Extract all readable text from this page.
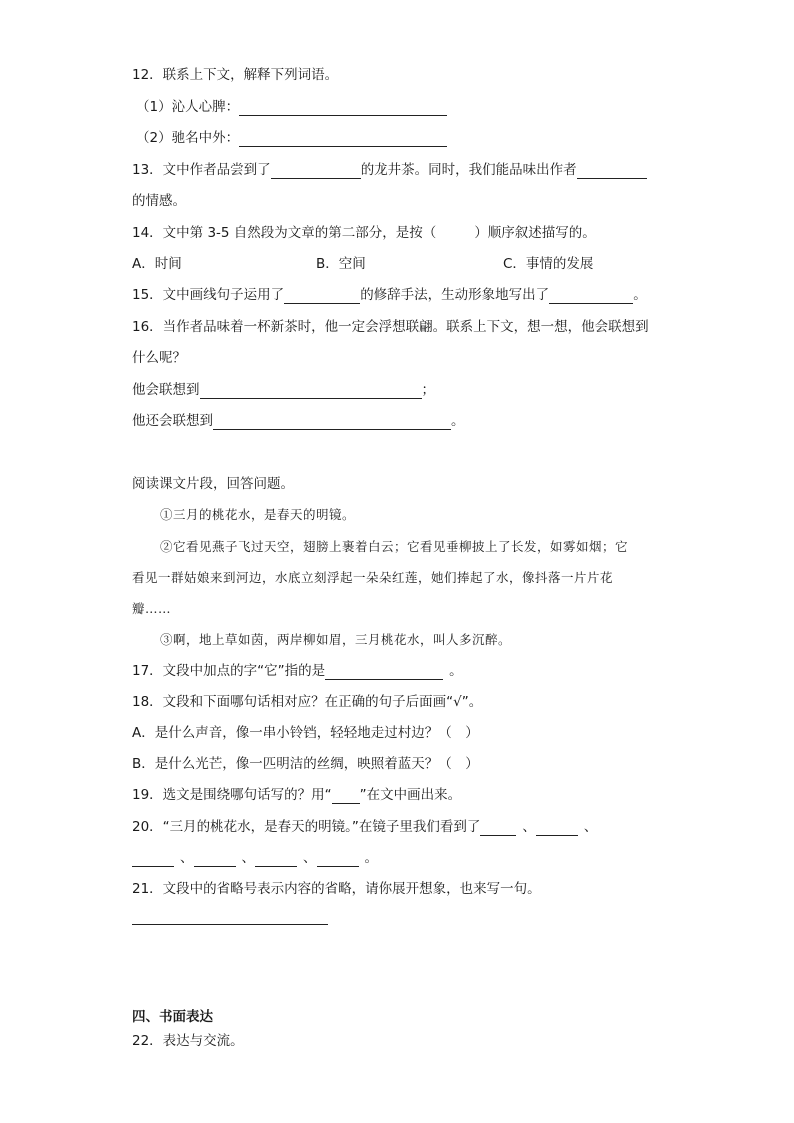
12．联系上下文，解释下列词语。
（1）沁人心脾：
（2）驰名中外：
13．文中作者品尝到了	的龙井茶。同时，我们能品味出作者
的情感。
14．文中第 3-5 自然段为文章的第二部分，是按（	）顺序叙述描写的。
A．时间	B．空间	C．事情的发展
15．文中画线句子运用了	的修辞手法，生动形象地写出了	。
16．当作者品味着一杯新茶时，他一定会浮想联翩。联系上下文，想一想，他会联想到
什么呢？
他会联想到	；
他还会联想到	。
阅读课文片段，回答问题。
①三月的桃花水，是春天的明镜。
②它看见燕子飞过天空，翅膀上裹着白云；它看见垂柳披上了长发，如雾如烟；它
看见一群姑娘来到河边，水底立刻浮起一朵朵红莲，她们捧起了水，像抖落一片片花
瓣……
③啊，地上草如茵，两岸柳如眉，三月桃花水，叫人多沉醉。
17．文段中加点的字“它”指的是	。
18．文段和下面哪句话相对应？在正确的句子后面画“√”。
A．是什么声音，像一串小铃铛，轻轻地走过村边？（　）
B．是什么光芒，像一匹明洁的丝绸，映照着蓝天？（　）
19．选文是围绕哪句话写的？用“ ”在文中画出来。
20．“三月的桃花水，是春天的明镜。”在镜子里我们看到了	、	、
、	、	、	。
21．文段中的省略号表示内容的省略，请你展开想象，也来写一句。
四、书面表达
22．表达与交流。
